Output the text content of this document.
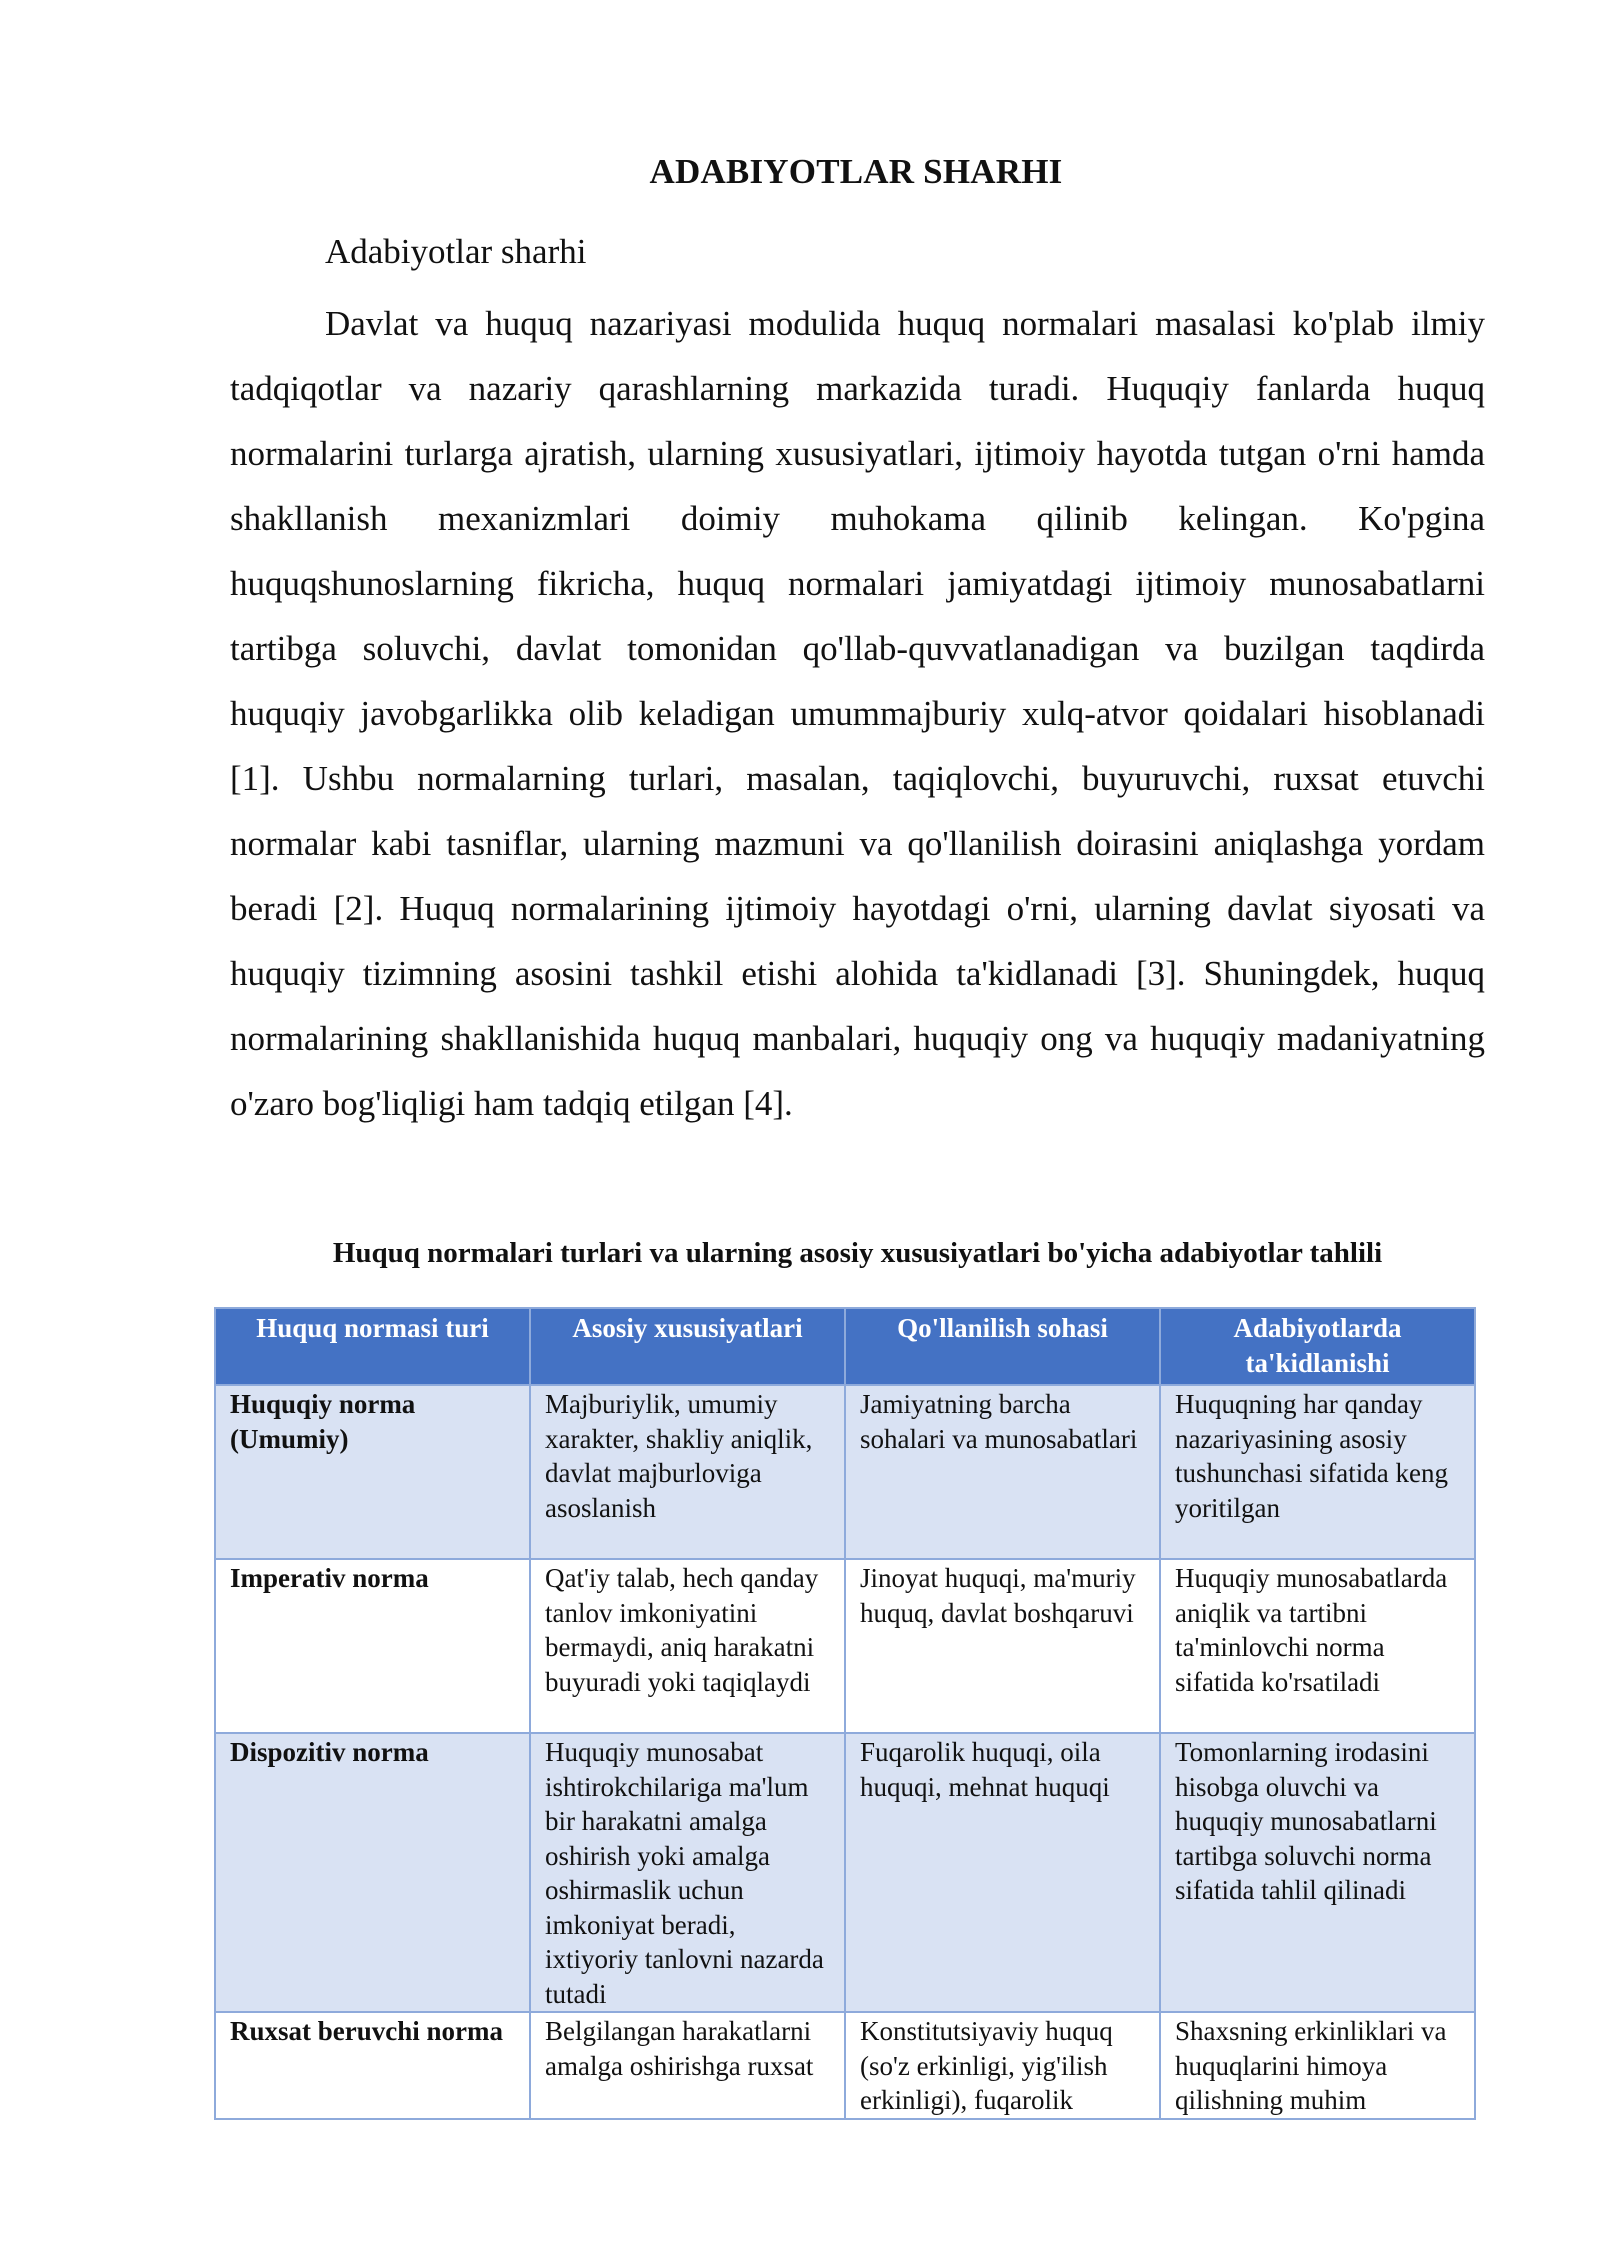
ADABIYOTLAR SHARHI
Adabiyotlar sharhi

Davlat va huquq nazariyasi modulida huquq normalari masalasi ko'plab ilmiy tadqiqotlar va nazariy qarashlarning markazida turadi. Huquqiy fanlarda huquq normalarini turlarga ajratish, ularning xususiyatlari, ijtimoiy hayotda tutgan o'rni hamda shakllanish mexanizmlari doimiy muhokama qilinib kelingan. Ko'pgina huquqshunoslarning fikricha, huquq normalari jamiyatdagi ijtimoiy munosabatlarni tartibga soluvchi, davlat tomonidan qo'llab-quvvatlanadigan va buzilgan taqdirda huquqiy javobgarlikka olib keladigan umummajburiy xulq-atvor qoidalari hisoblanadi [1]. Ushbu normalarning turlari, masalan, taqiqlovchi, buyuruvchi, ruxsat etuvchi normalar kabi tasniflar, ularning mazmuni va qo'llanilish doirasini aniqlashga yordam beradi [2]. Huquq normalarining ijtimoiy hayotdagi o'rni, ularning davlat siyosati va huquqiy tizimning asosini tashkil etishi alohida ta'kidlanadi [3]. Shuningdek, huquq normalarining shakllanishida huquq manbalari, huquqiy ong va huquqiy madaniyatning o'zaro bog'liqligi ham tadqiq etilgan [4].

Huquq normalari turlari va ularning asosiy xususiyatlari bo'yicha adabiyotlar tahlili
Huquq normasi turi	Asosiy xususiyatlari	Qo'llanilish sohasi	Adabiyotlarda ta'kidlanishi
Huquqiy norma (Umumiy)	Majburiylik, umumiy xarakter, shakliy aniqlik, davlat majburloviga asoslanish	Jamiyatning barcha sohalari va munosabatlari	Huquqning har qanday nazariyasining asosiy tushunchasi sifatida keng yoritilgan
Imperativ norma	Qat'iy talab, hech qanday tanlov imkoniyatini bermaydi, aniq harakatni buyuradi yoki taqiqlaydi	Jinoyat huquqi, ma'muriy huquq, davlat boshqaruvi	Huquqiy munosabatlarda aniqlik va tartibni ta'minlovchi norma sifatida ko'rsatiladi
Dispozitiv norma	Huquqiy munosabat ishtirokchilariga ma'lum bir harakatni amalga oshirish yoki amalga oshirmaslik uchun imkoniyat beradi, ixtiyoriy tanlovni nazarda tutadi	Fuqarolik huquqi, oila huquqi, mehnat huquqi	Tomonlarning irodasini hisobga oluvchi va huquqiy munosabatlarni tartibga soluvchi norma sifatida tahlil qilinadi
Ruxsat beruvchi norma	Belgilangan harakatlarni amalga oshirishga ruxsat	Konstitutsiyaviy huquq (so'z erkinligi, yig'ilish erkinligi), fuqarolik	Shaxsning erkinliklari va huquqlarini himoya qilishning muhim
